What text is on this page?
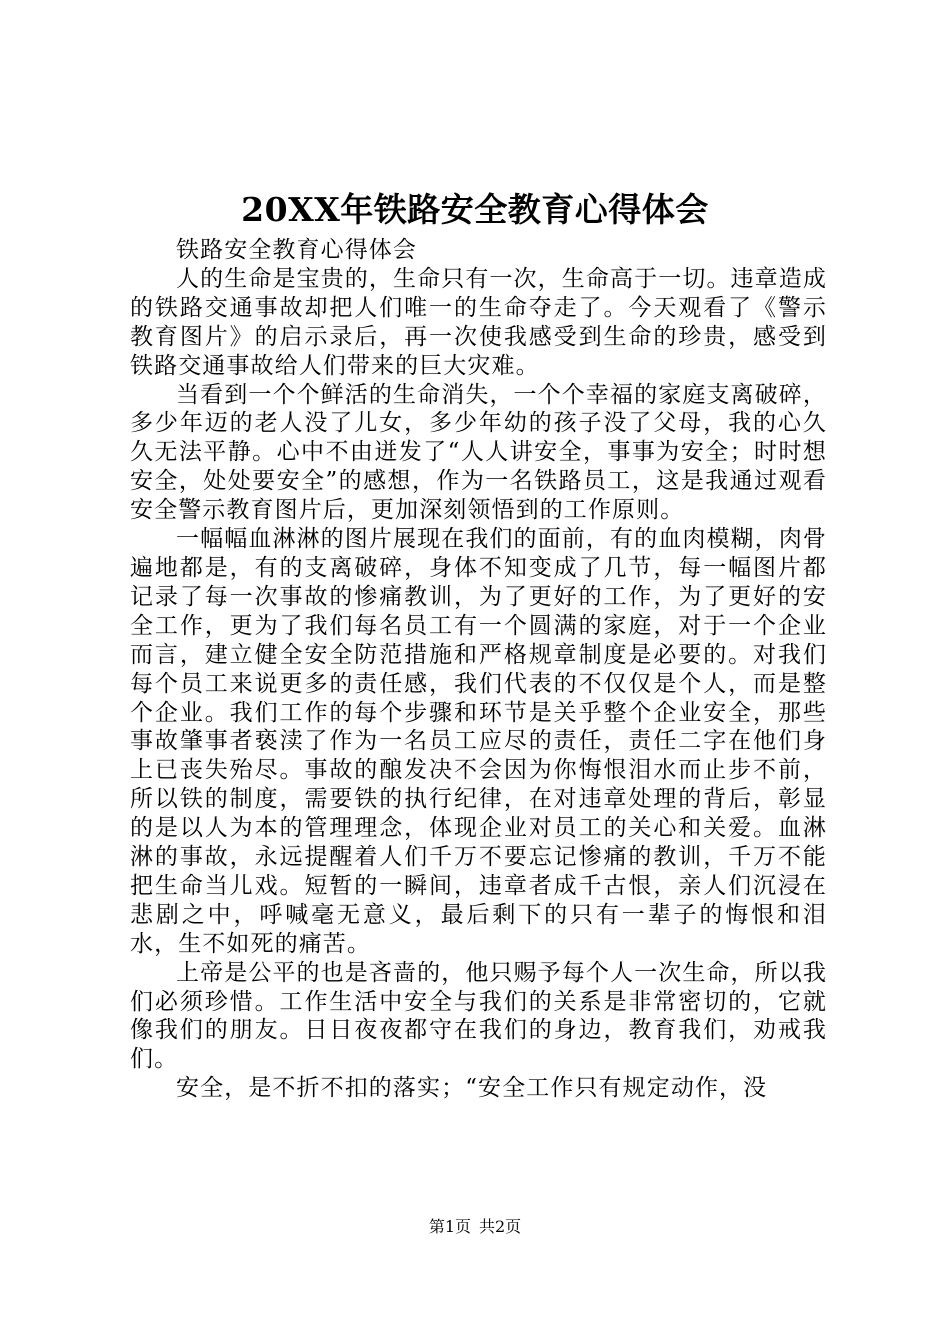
20XX年铁路安全教育心得体会

铁路安全教育心得体会

人的生命是宝贵的，生命只有一次，生命高于一切。违章造成的铁路交通事故却把人们唯一的生命夺走了。今天观看了《警示教育图片》的启示录后，再一次使我感受到生命的珍贵，感受到铁路交通事故给人们带来的巨大灾难。

当看到一个个鲜活的生命消失，一个个幸福的家庭支离破碎，多少年迈的老人没了儿女，多少年幼的孩子没了父母，我的心久久无法平静。心中不由迸发了“人人讲安全，事事为安全；时时想安全，处处要安全”的感想，作为一名铁路员工，这是我通过观看安全警示教育图片后，更加深刻领悟到的工作原则。

一幅幅血淋淋的图片展现在我们的面前，有的血肉模糊，肉骨遍地都是，有的支离破碎，身体不知变成了几节，每一幅图片都记录了每一次事故的惨痛教训，为了更好的工作，为了更好的安全工作，更为了我们每名员工有一个圆满的家庭，对于一个企业而言，建立健全安全防范措施和严格规章制度是必要的。对我们每个员工来说更多的责任感，我们代表的不仅仅是个人，而是整个企业。我们工作的每个步骤和环节是关乎整个企业安全，那些事故肇事者亵渎了作为一名员工应尽的责任，责任二字在他们身上已丧失殆尽。事故的酿发决不会因为你悔恨泪水而止步不前，所以铁的制度，需要铁的执行纪律，在对违章处理的背后，彰显的是以人为本的管理理念，体现企业对员工的关心和关爱。血淋淋的事故，永远提醒着人们千万不要忘记惨痛的教训，千万不能把生命当儿戏。短暂的一瞬间，违章者成千古恨，亲人们沉浸在悲剧之中，呼喊毫无意义，最后剩下的只有一辈子的悔恨和泪水，生不如死的痛苦。

上帝是公平的也是吝啬的，他只赐予每个人一次生命，所以我们必须珍惜。工作生活中安全与我们的关系是非常密切的，它就像我们的朋友。日日夜夜都守在我们的身边，教育我们，劝戒我们。

安全，是不折不扣的落实；“安全工作只有规定动作，没

第1页 共2页
